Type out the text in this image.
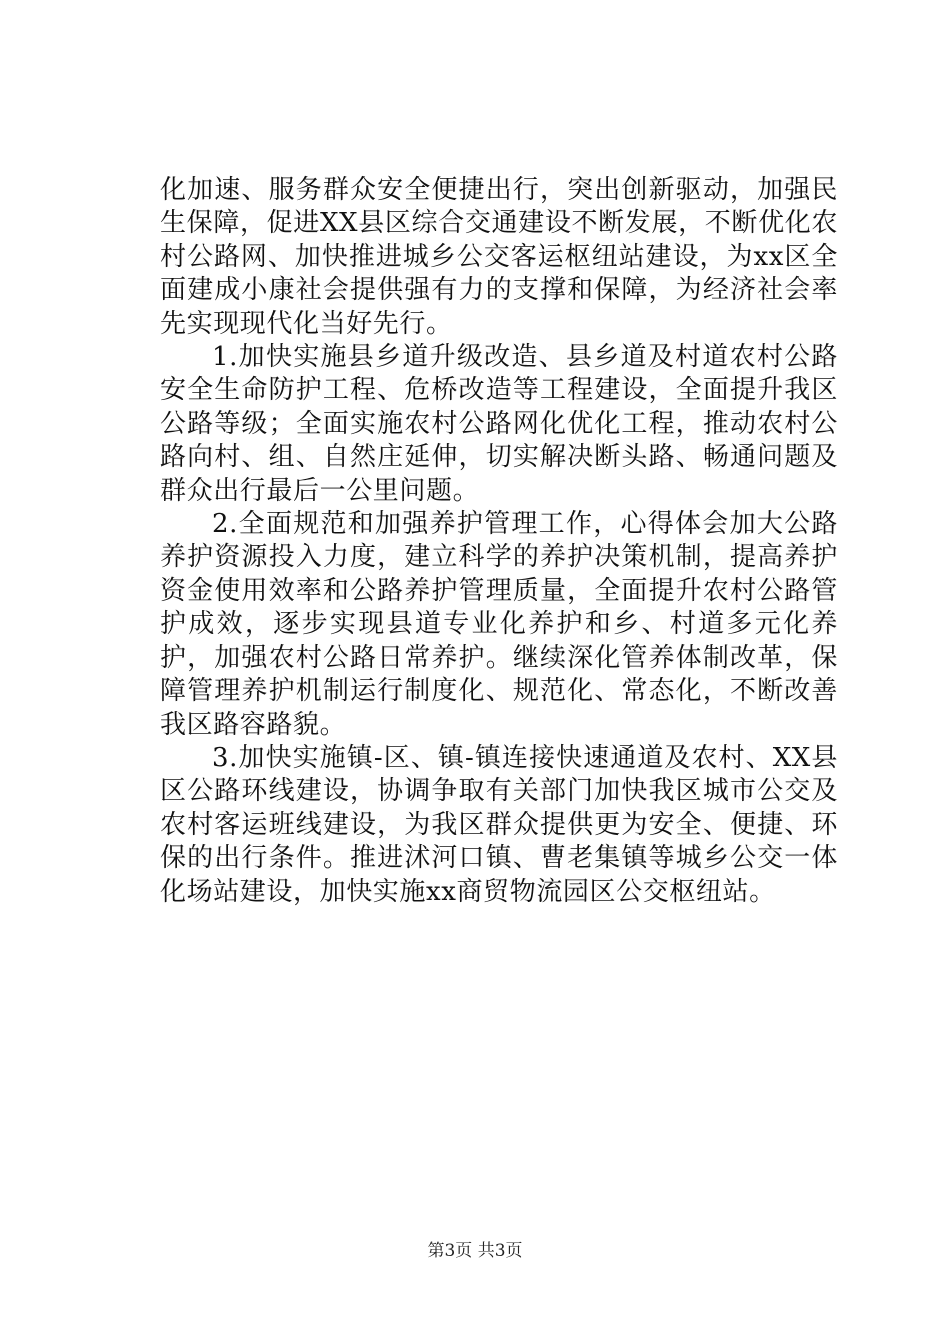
化加速、服务群众安全便捷出行，突出创新驱动，加强民生保障，促进XX县区综合交通建设不断发展，不断优化农村公路网、加快推进城乡公交客运枢纽站建设，为xx区全面建成小康社会提供强有力的支撑和保障，为经济社会率先实现现代化当好先行。

1.加快实施县乡道升级改造、县乡道及村道农村公路安全生命防护工程、危桥改造等工程建设，全面提升我区公路等级；全面实施农村公路网化优化工程，推动农村公路向村、组、自然庄延伸，切实解决断头路、畅通问题及群众出行最后一公里问题。

2.全面规范和加强养护管理工作，心得体会加大公路养护资源投入力度，建立科学的养护决策机制，提高养护资金使用效率和公路养护管理质量，全面提升农村公路管护成效，逐步实现县道专业化养护和乡、村道多元化养护，加强农村公路日常养护。继续深化管养体制改革，保障管理养护机制运行制度化、规范化、常态化，不断改善我区路容路貌。

3.加快实施镇-区、镇-镇连接快速通道及农村、XX县区公路环线建设，协调争取有关部门加快我区城市公交及农村客运班线建设，为我区群众提供更为安全、便捷、环保的出行条件。推进沭河口镇、曹老集镇等城乡公交一体化场站建设，加快实施xx商贸物流园区公交枢纽站。

第3页 共3页
